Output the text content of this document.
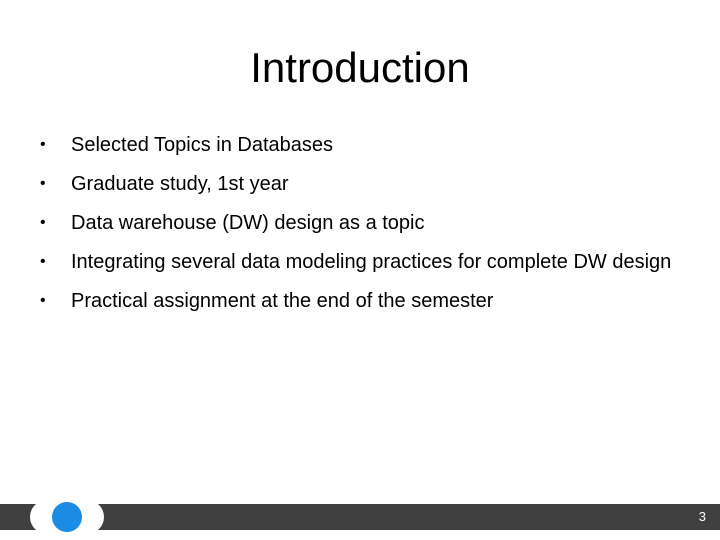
Introduction
•	Selected Topics in Databases
•	Graduate study, 1st year
•	Data warehouse (DW) design as a topic
•	Integrating several data modeling practices for complete DW design
•	Practical assignment at the end of the semester
3
